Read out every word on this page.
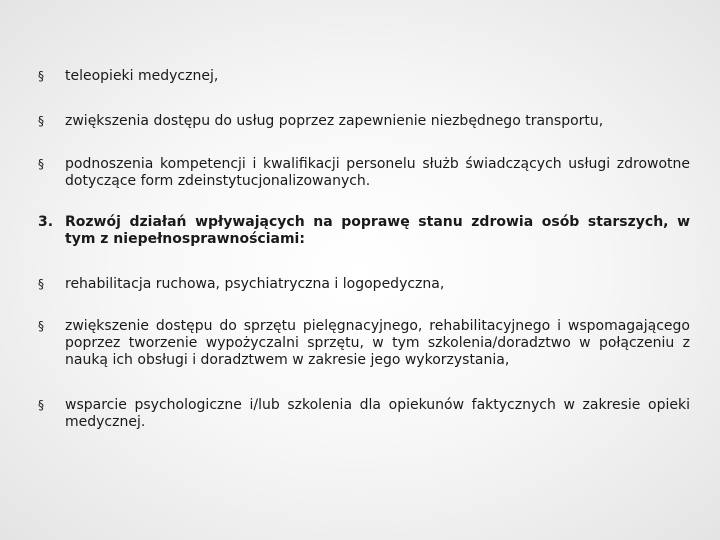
§	teleopieki medycznej,
§	zwiększenia dostępu do usług poprzez zapewnienie niezbędnego transportu,
§	podnoszenia kompetencji i kwalifikacji personelu służb świadczących usługi zdrowotne dotyczące form zdeinstytucjonalizowanych.
3. Rozwój działań wpływających na poprawę stanu zdrowia osób starszych, w tym z niepełnosprawnościami:
§	rehabilitacja ruchowa, psychiatryczna i logopedyczna,
§	zwiększenie dostępu do sprzętu pielęgnacyjnego, rehabilitacyjnego i wspomagającego poprzez tworzenie wypożyczalni sprzętu, w tym szkolenia/doradztwo w połączeniu z nauką ich obsługi i doradztwem w zakresie jego wykorzystania,
§	wsparcie psychologiczne i/lub szkolenia dla opiekunów faktycznych w zakresie opieki medycznej.
